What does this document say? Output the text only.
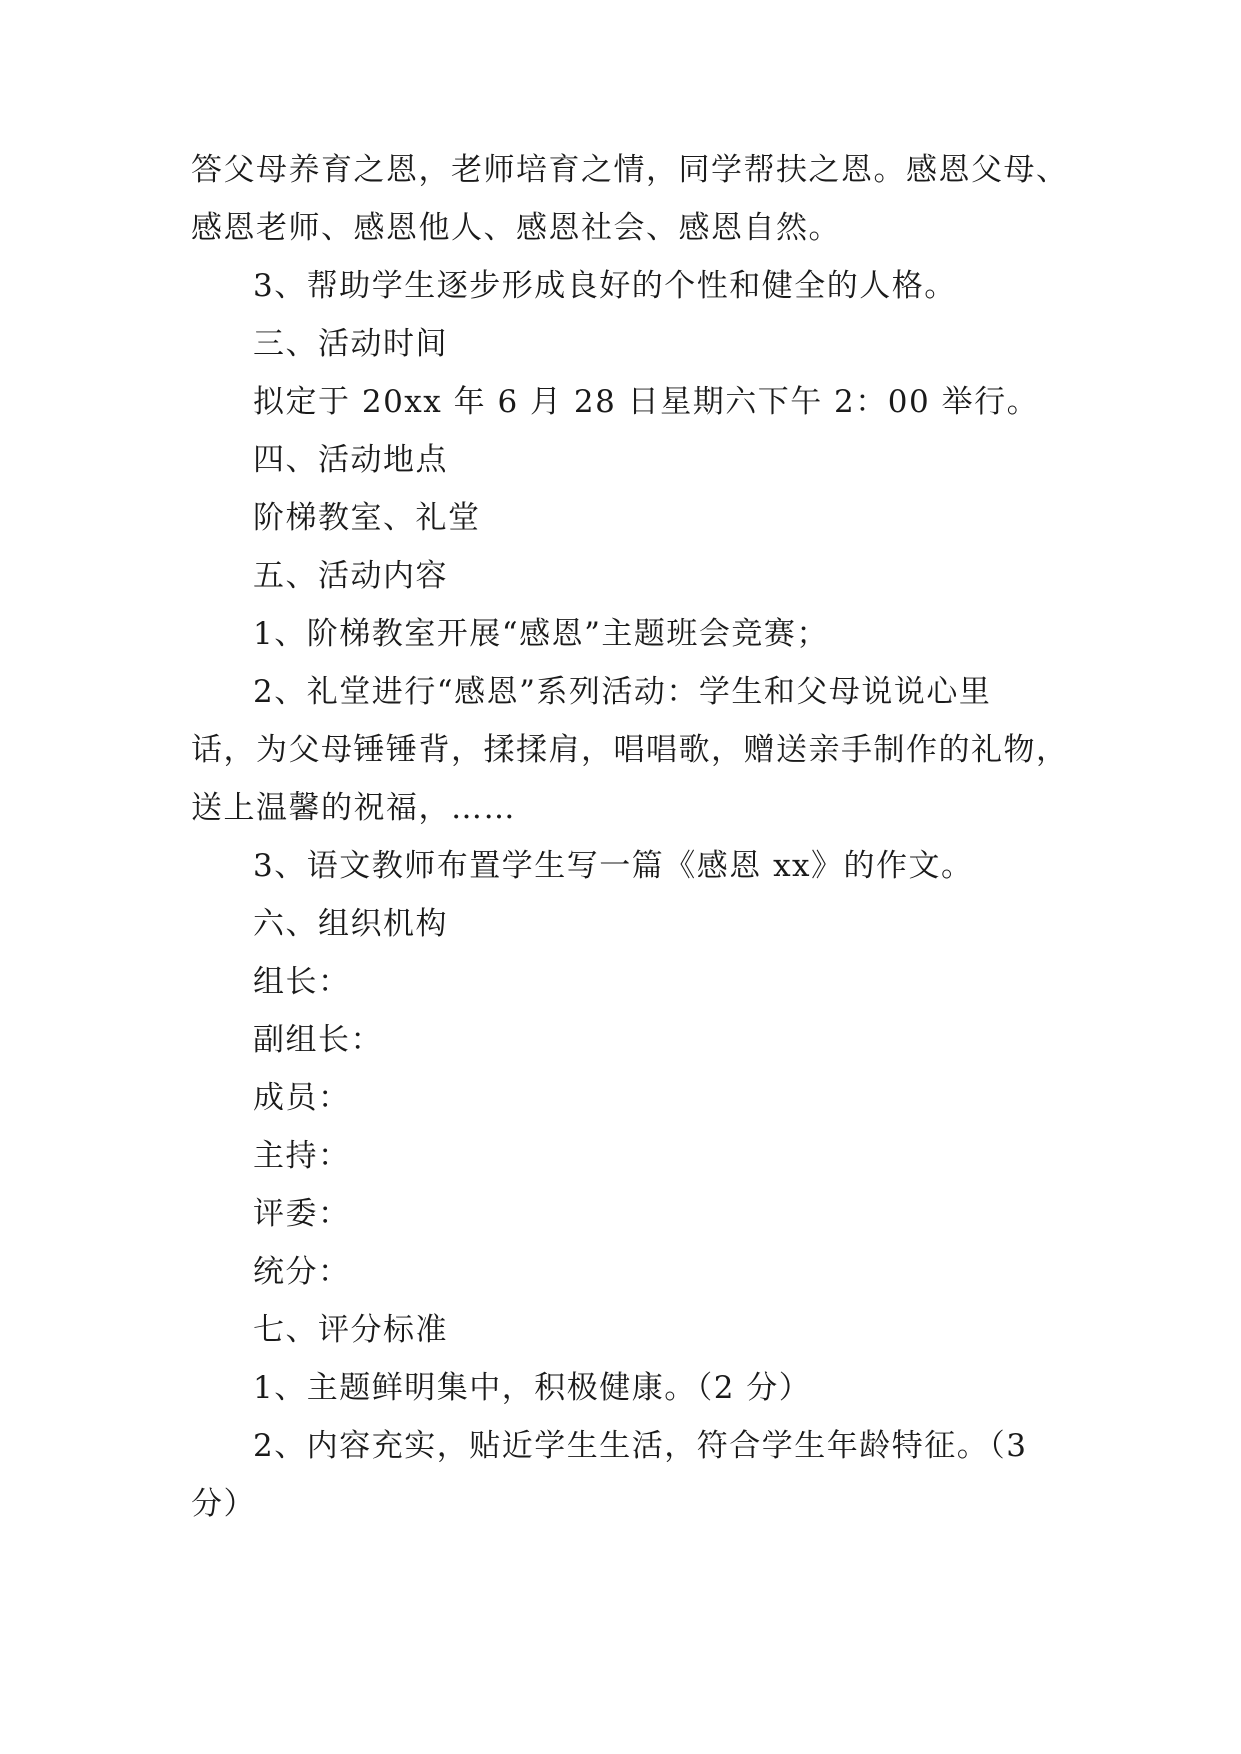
答父母养育之恩，老师培育之情，同学帮扶之恩。感恩父母、
感恩老师、感恩他人、感恩社会、感恩自然。
3、帮助学生逐步形成良好的个性和健全的人格。
三、活动时间
拟定于 20xx 年 6 月 28 日星期六下午 2：00 举行。
四、活动地点
阶梯教室、礼堂
五、活动内容
1、阶梯教室开展“感恩”主题班会竞赛；
2、礼堂进行“感恩”系列活动：学生和父母说说心里
话，为父母锤锤背，揉揉肩，唱唱歌，赠送亲手制作的礼物，
送上温馨的祝福，……
3、语文教师布置学生写一篇《感恩 xx》的作文。
六、组织机构
组长：
副组长：
成员：
主持：
评委：
统分：
七、评分标准
1、主题鲜明集中，积极健康。（2 分）
2、内容充实，贴近学生生活，符合学生年龄特征。（3
分）
